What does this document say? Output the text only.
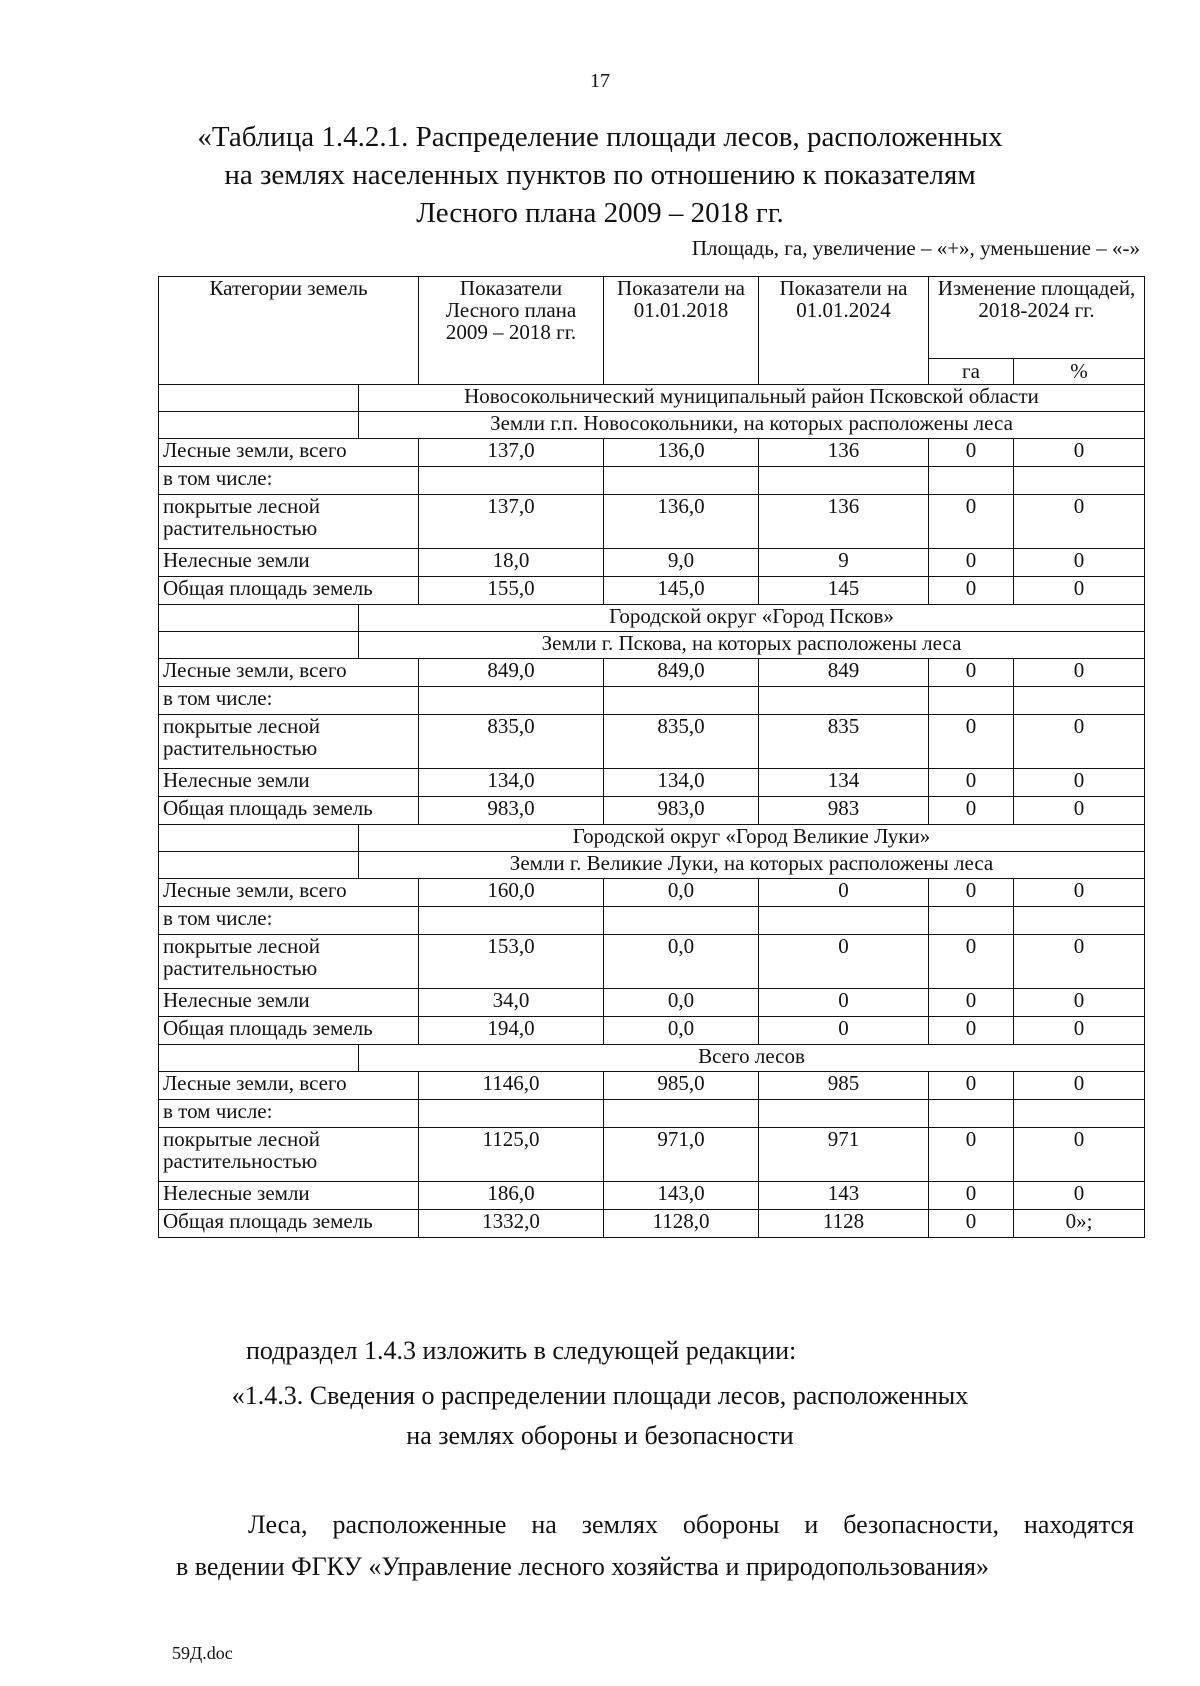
17
«Таблица 1.4.2.1. Распределение площади лесов, расположенных
на землях населенных пунктов по отношению к показателям
Лесного плана 2009 – 2018 гг.
Площадь, га, увеличение – «+», уменьшение – «-»
Категории земель		Показатели Лесного плана 2009 – 2018 гг.	Показатели на 01.01.2018	Показатели на 01.01.2024	Изменение площадей, 2018-2024 гг.	
					га	%
	Новосокольнический муниципальный район Псковской области					
	Земли г.п. Новосокольники, на которых расположены леса					
Лесные земли, всего		137,0	136,0	136	0	0
в том числе:						
покрытые лесной растительностью		137,0	136,0	136	0	0
Нелесные земли		18,0	9,0	9	0	0
Общая площадь земель		155,0	145,0	145	0	0
	Городской округ «Город Псков»					
	Земли г. Пскова, на которых расположены леса					
Лесные земли, всего		849,0	849,0	849	0	0
в том числе:						
покрытые лесной растительностью		835,0	835,0	835	0	0
Нелесные земли		134,0	134,0	134	0	0
Общая площадь земель		983,0	983,0	983	0	0
	Городской округ «Город Великие Луки»					
	Земли г. Великие Луки, на которых расположены леса					
Лесные земли, всего		160,0	0,0	0	0	0
в том числе:						
покрытые лесной растительностью		153,0	0,0	0	0	0
Нелесные земли		34,0	0,0	0	0	0
Общая площадь земель		194,0	0,0	0	0	0
	Всего лесов					
Лесные земли, всего		1146,0	985,0	985	0	0
в том числе:						
покрытые лесной растительностью		1125,0	971,0	971	0	0
Нелесные земли		186,0	143,0	143	0	0
Общая площадь земель		1332,0	1128,0	1128	0	0»;
подраздел 1.4.3 изложить в следующей редакции:
«1.4.3. Сведения о распределении площади лесов, расположенных
на землях обороны и безопасности
Леса, расположенные на землях обороны и безопасности, находятся
в ведении ФГКУ «Управление лесного хозяйства и природопользования»
59Д.doc
